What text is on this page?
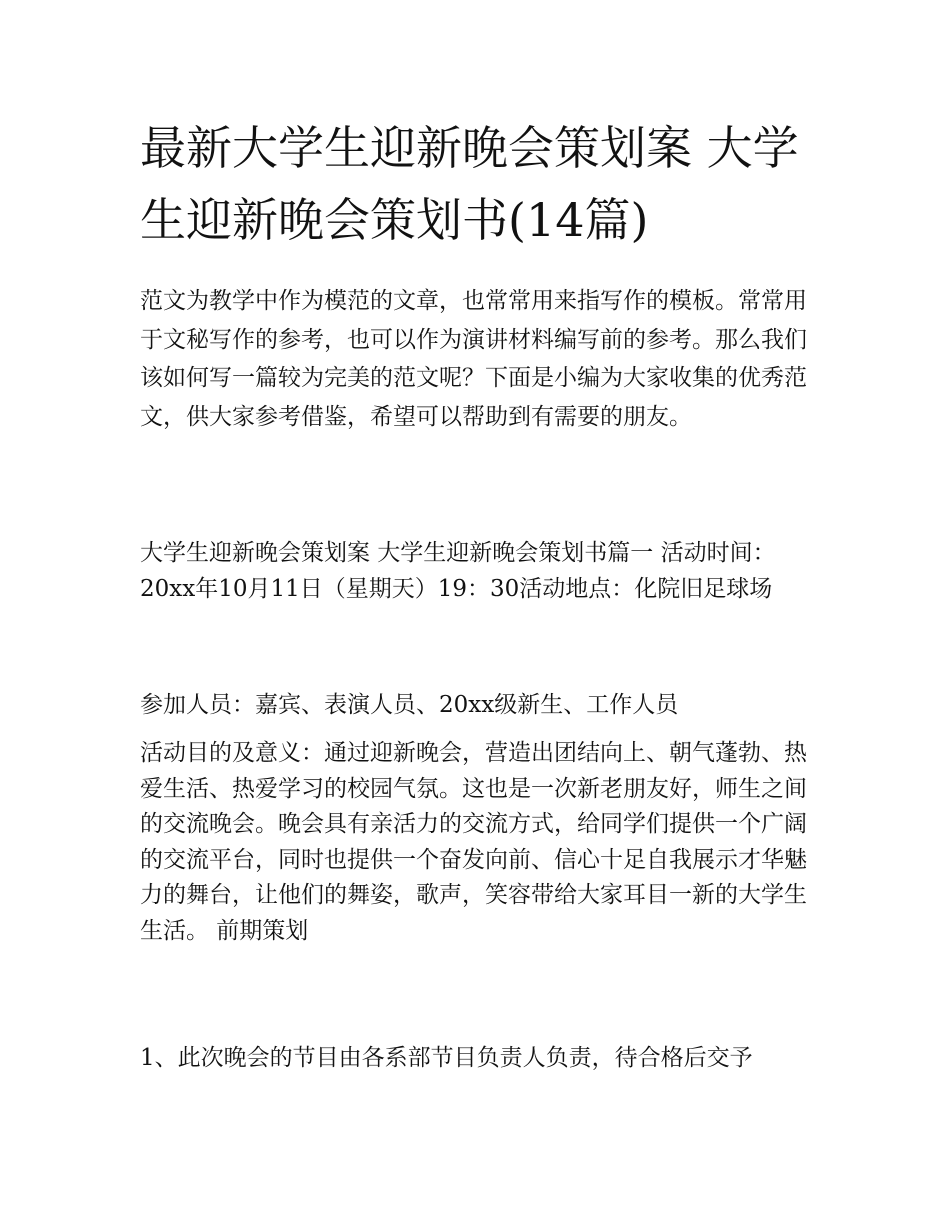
最新大学生迎新晚会策划案 大学生迎新晚会策划书(14篇)

范文为教学中作为模范的文章，也常常用来指写作的模板。常常用于文秘写作的参考，也可以作为演讲材料编写前的参考。那么我们该如何写一篇较为完美的范文呢？下面是小编为大家收集的优秀范文，供大家参考借鉴，希望可以帮助到有需要的朋友。

大学生迎新晚会策划案 大学生迎新晚会策划书篇一 活动时间：20xx年10月11日（星期天）19：30活动地点：化院旧足球场

参加人员：嘉宾、表演人员、20xx级新生、工作人员

活动目的及意义：通过迎新晚会，营造出团结向上、朝气蓬勃、热爱生活、热爱学习的校园气氛。这也是一次新老朋友好，师生之间的交流晚会。晚会具有亲活力的交流方式，给同学们提供一个广阔的交流平台，同时也提供一个奋发向前、信心十足自我展示才华魅力的舞台，让他们的舞姿，歌声，笑容带给大家耳目一新的大学生生活。 前期策划

1、此次晚会的节目由各系部节目负责人负责，待合格后交予
